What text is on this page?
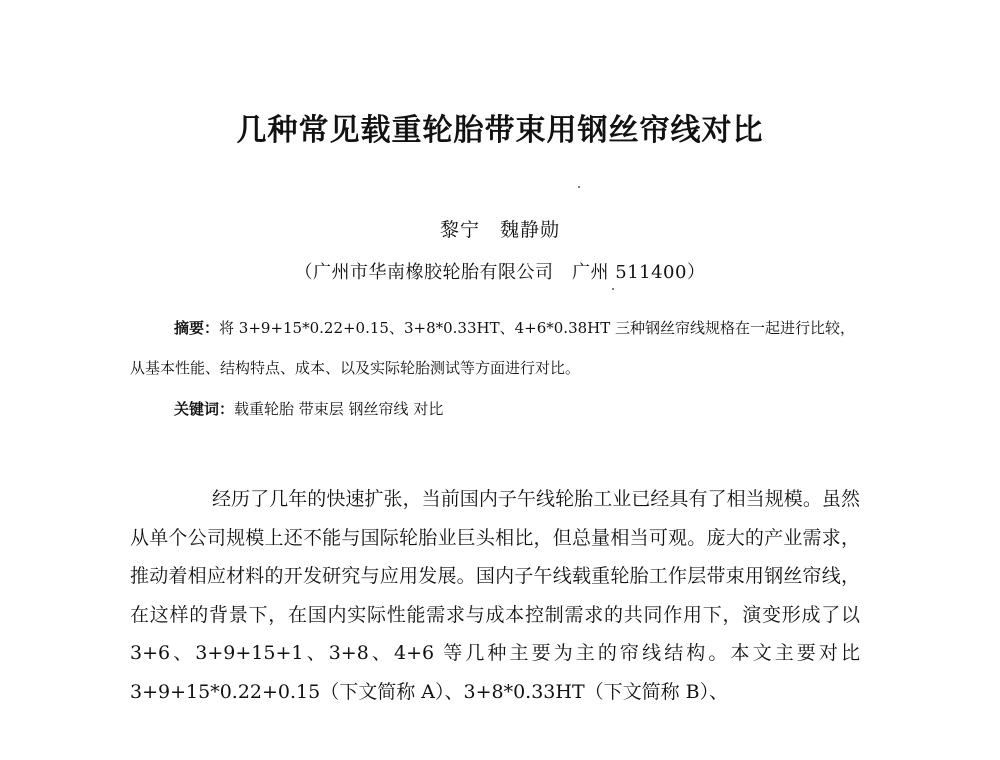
几种常见载重轮胎带束用钢丝帘线对比
黎宁　魏静勋
（广州市华南橡胶轮胎有限公司　广州 511400）
摘要：将 3+9+15*0.22+0.15、3+8*0.33HT、4+6*0.38HT 三种钢丝帘线规格在一起进行比较，从基本性能、结构特点、成本、以及实际轮胎测试等方面进行对比。
关键词：载重轮胎 带束层 钢丝帘线 对比
经历了几年的快速扩张，当前国内子午线轮胎工业已经具有了相当规模。虽然从单个公司规模上还不能与国际轮胎业巨头相比，但总量相当可观。庞大的产业需求，推动着相应材料的开发研究与应用发展。国内子午线载重轮胎工作层带束用钢丝帘线，在这样的背景下，在国内实际性能需求与成本控制需求的共同作用下，演变形成了以 3+6、3+9+15+1、3+8、4+6 等几种主要为主的帘线结构。本文主要对比 3+9+15*0.22+0.15（下文简称 A）、3+8*0.33HT（下文简称 B）、
